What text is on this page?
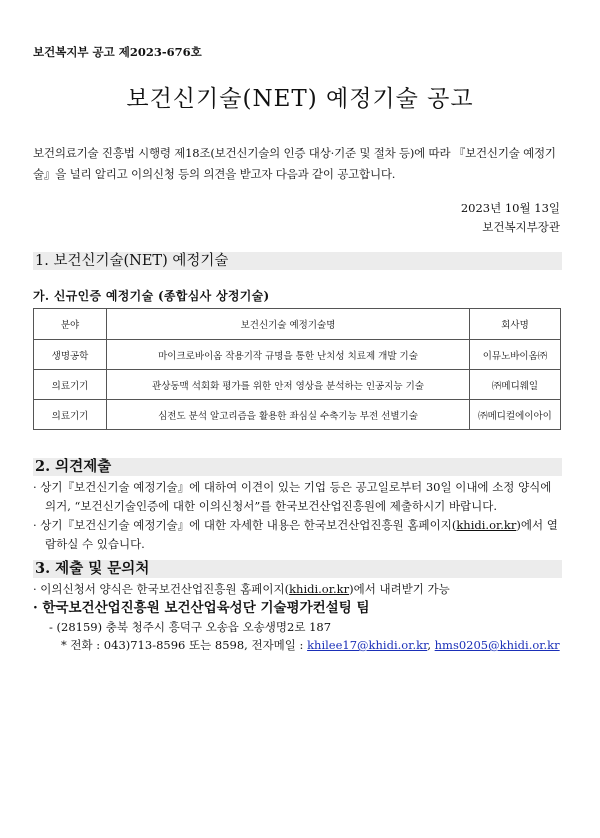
보건복지부 공고 제2023-676호
보건신기술(NET) 예정기술 공고
보건의료기술 진흥법 시행령 제18조(보건신기술의 인증 대상·기준 및 절차 등)에 따라 『보건신기술 예정기술』을 널리 알리고 이의신청 등의 의견을 받고자 다음과 같이 공고합니다.
2023년 10월 13일
보건복지부장관
1. 보건신기술(NET) 예정기술
가. 신규인증 예정기술 (종합심사 상정기술)
분야	보건신기술 예정기술명	회사명
생명공학	마이크로바이옴 작용기작 규명을 통한 난치성 치료제 개발 기술	이뮤노바이옴㈜
의료기기	관상동맥 석회화 평가를 위한 안저 영상을 분석하는 인공지능 기술	㈜메디웨일
의료기기	심전도 분석 알고리즘을 활용한 좌심실 수축기능 부전 선별기술	㈜메디컬에이아이
2. 의견제출
· 상기『보건신기술 예정기술』에 대하여 이견이 있는 기업 등은 공고일로부터 30일 이내에 소정 양식에 의거, “보건신기술인증에 대한 이의신청서”를 한국보건산업진흥원에 제출하시기 바랍니다.
· 상기『보건신기술 예정기술』에 대한 자세한 내용은 한국보건산업진흥원 홈페이지(khidi.or.kr)에서 열람하실 수 있습니다.
3. 제출 및 문의처
· 이의신청서 양식은 한국보건산업진흥원 홈페이지(khidi.or.kr)에서 내려받기 가능
· 한국보건산업진흥원 보건산업육성단 기술평가컨설팅 팀
- (28159) 충북 청주시 흥덕구 오송읍 오송생명2로 187
* 전화 : 043)713-8596 또는 8598, 전자메일 : khilee17@khidi.or.kr, hms0205@khidi.or.kr
